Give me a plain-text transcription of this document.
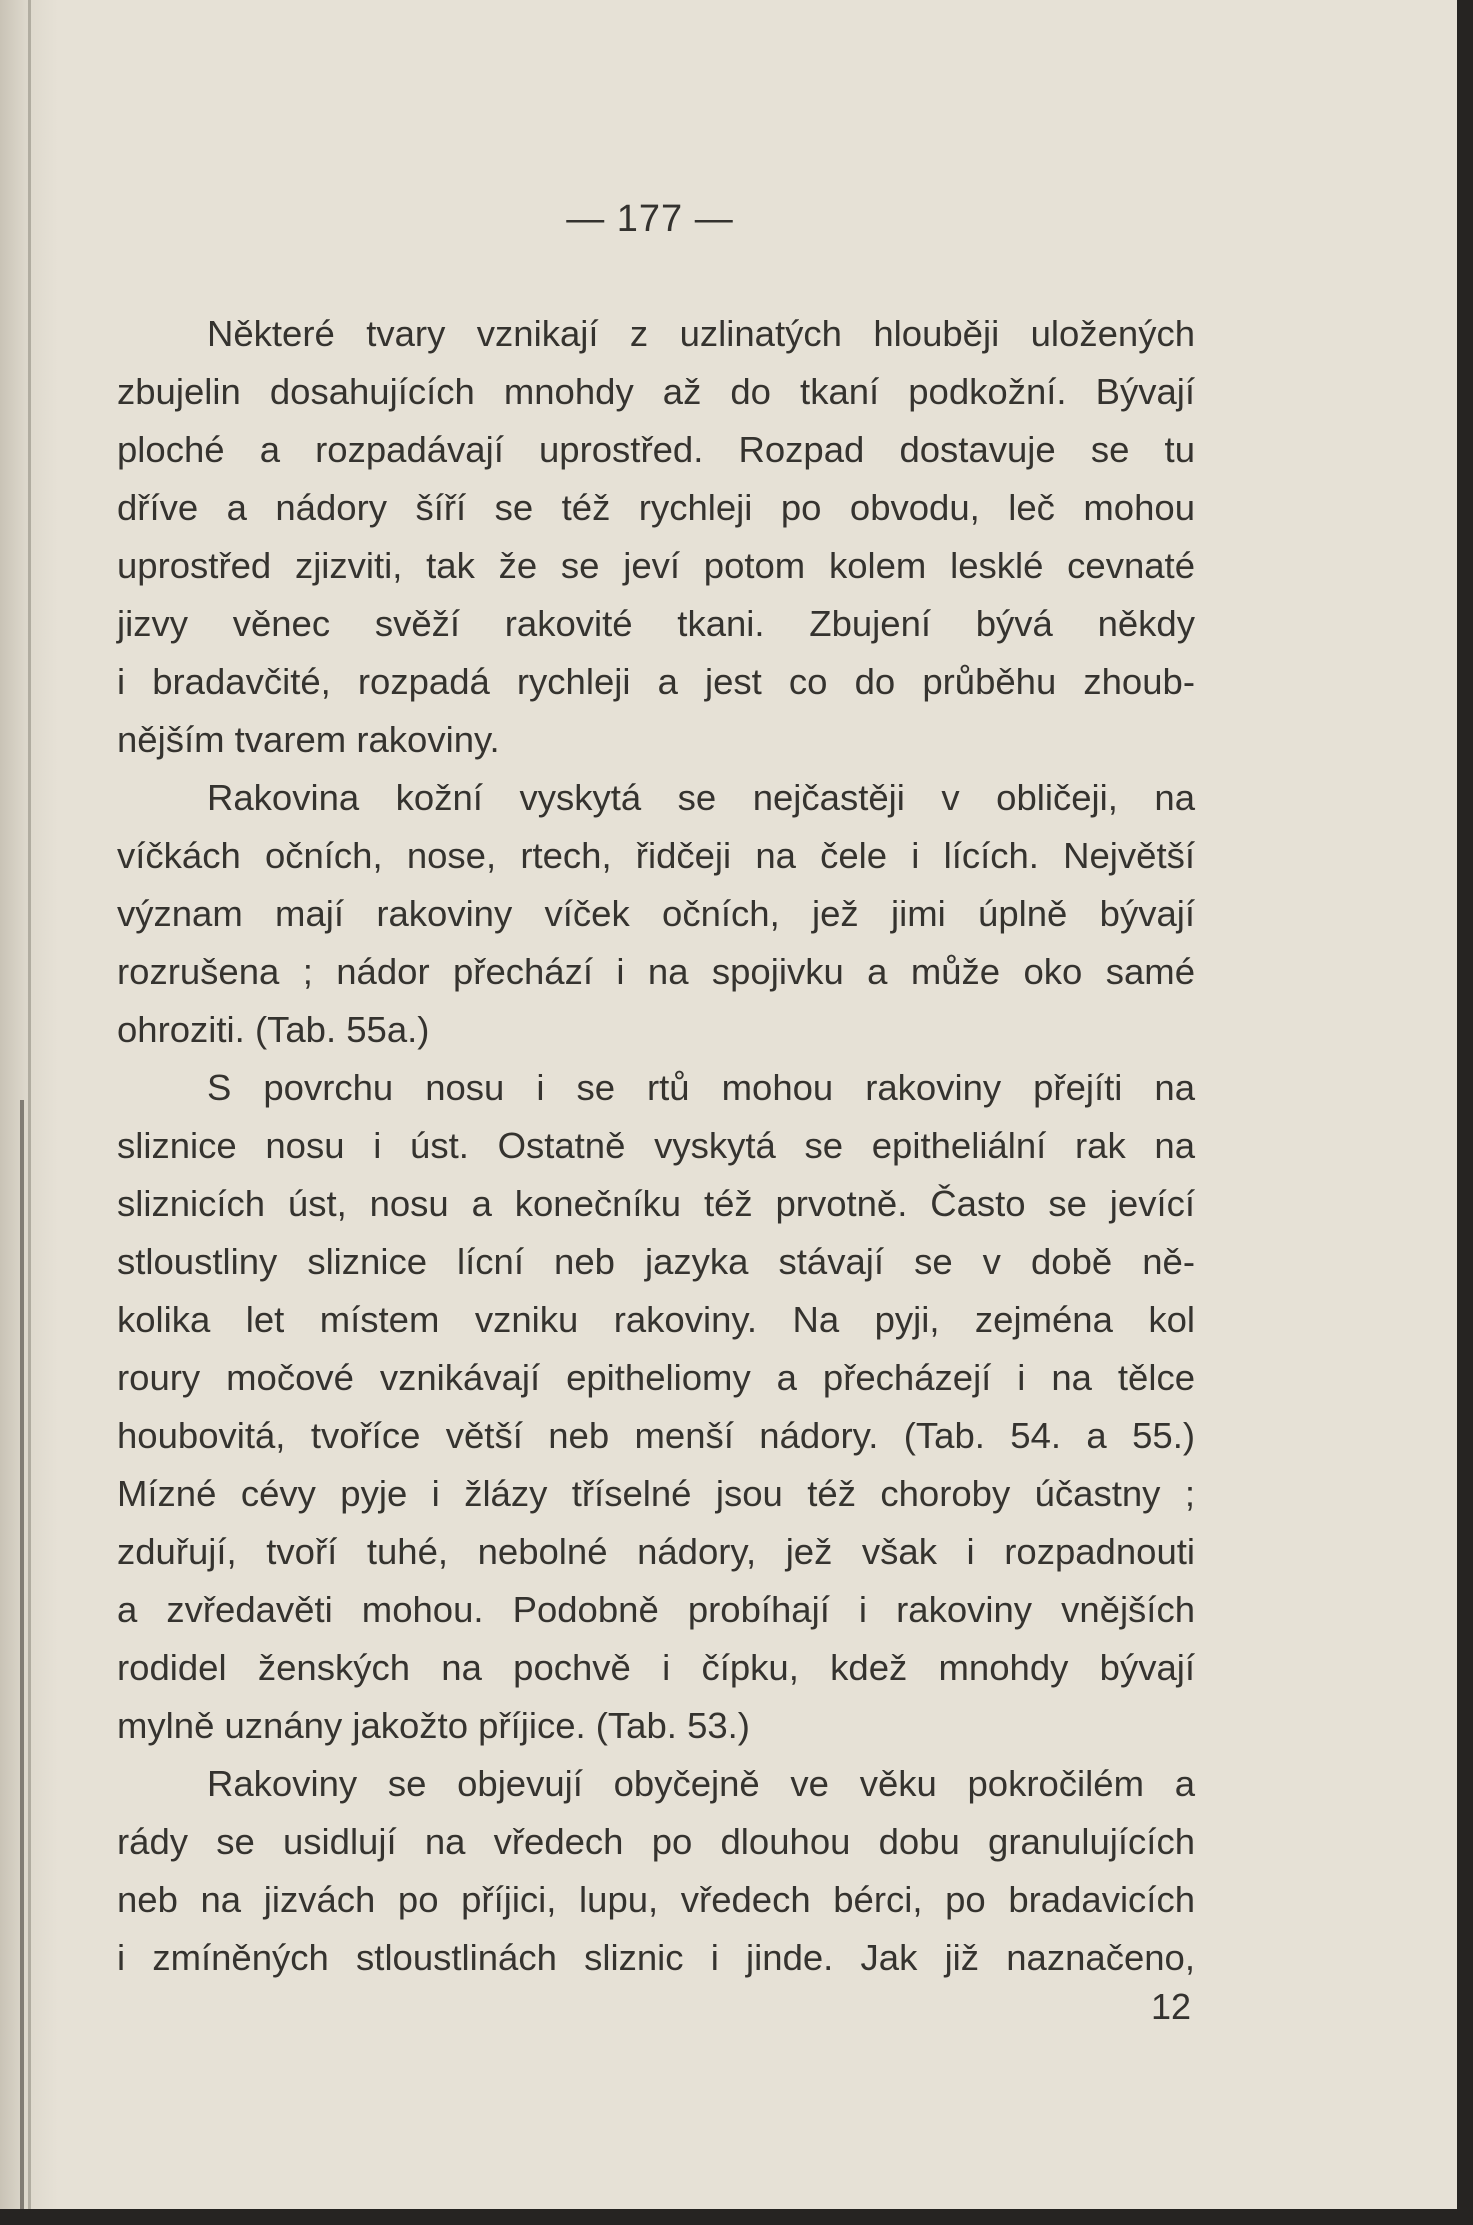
— 177 —
Některé tvary vznikají z uzlinatých hlouběji uložených
zbujelin dosahujících mnohdy až do tkaní podkožní. Bývají
ploché a rozpadávají uprostřed. Rozpad dostavuje se tu
dříve a nádory šíří se též rychleji po obvodu, leč mohou
uprostřed zjizviti, tak že se jeví potom kolem lesklé cevnaté
jizvy věnec svěží rakovité tkani. Zbujení bývá někdy
i bradavčité, rozpadá rychleji a jest co do průběhu zhoub-
nějším tvarem rakoviny.
Rakovina kožní vyskytá se nejčastěji v obličeji, na
víčkách očních, nose, rtech, řidčeji na čele i lících. Největší
význam mají rakoviny víček očních, jež jimi úplně bývají
rozrušena ; nádor přechází i na spojivku a může oko samé
ohroziti. (Tab. 55a.)
S povrchu nosu i se rtů mohou rakoviny přejíti na
sliznice nosu i úst. Ostatně vyskytá se epitheliální rak na
sliznicích úst, nosu a konečníku též prvotně. Často se jevící
stloustliny sliznice lícní neb jazyka stávají se v době ně-
kolika let místem vzniku rakoviny. Na pyji, zejména kol
roury močové vznikávají epitheliomy a přecházejí i na tělce
houbovitá, tvoříce větší neb menší nádory. (Tab. 54. a 55.)
Mízné cévy pyje i žlázy tříselné jsou též choroby účastny ;
zduřují, tvoří tuhé, nebolné nádory, jež však i rozpadnouti
a zvředavěti mohou. Podobně probíhají i rakoviny vnějších
rodidel ženských na pochvě i čípku, kdež mnohdy bývají
mylně uznány jakožto příjice. (Tab. 53.)
Rakoviny se objevují obyčejně ve věku pokročilém a
rády se usidlují na vředech po dlouhou dobu granulujících
neb na jizvách po příjici, lupu, vředech bérci, po bradavicích
i zmíněných stloustlinách sliznic i jinde. Jak již naznačeno,
12
